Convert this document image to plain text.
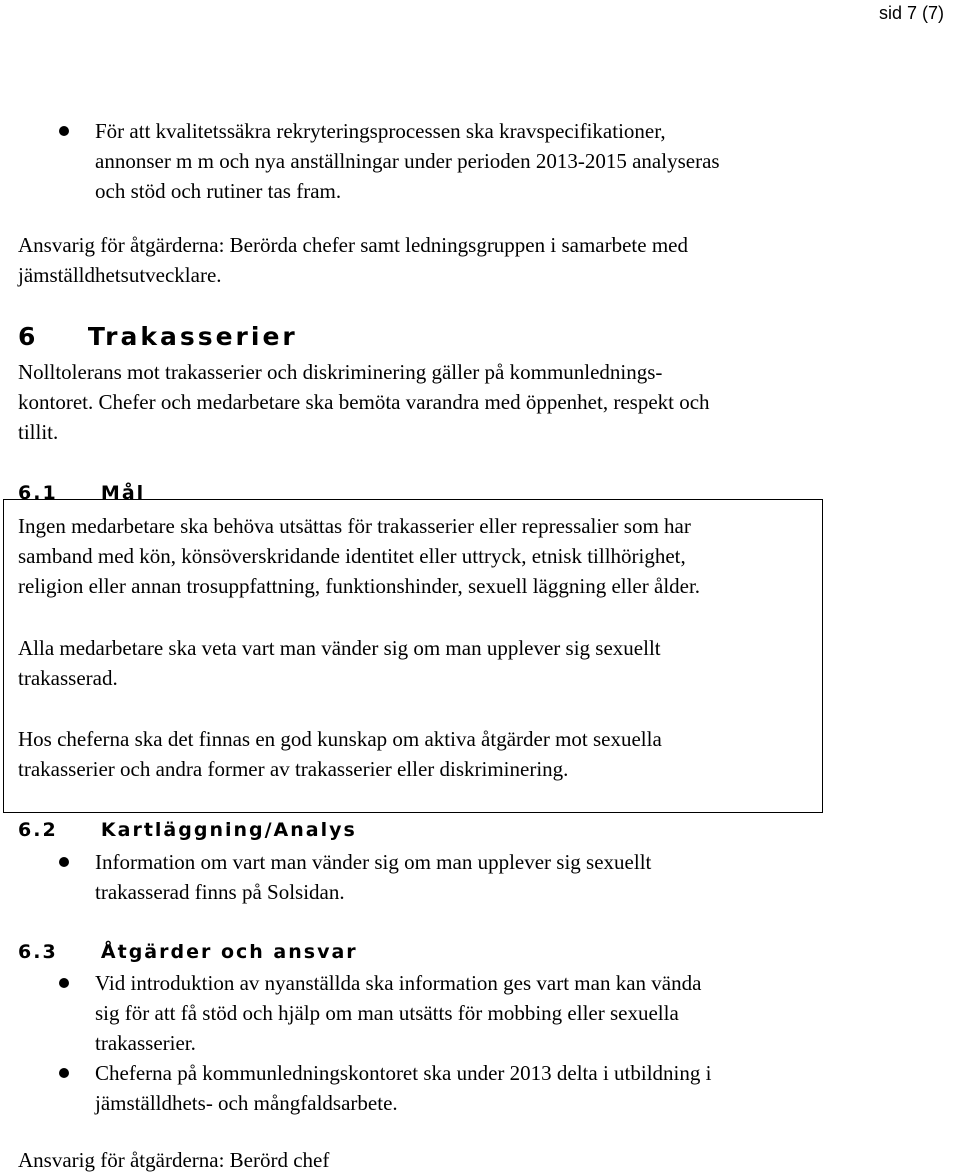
sid 7 (7)

För att kvalitetssäkra rekryteringsprocessen ska kravspecifikationer,

annonser m m och nya anställningar under perioden 2013-2015 analyseras

och stöd och rutiner tas fram.

Ansvarig för åtgärderna: Berörda chefer samt ledningsgruppen i samarbete med

jämställdhetsutvecklare.

6 Trakasserier

Nolltolerans mot trakasserier och diskriminering gäller på kommunlednings-

kontoret. Chefer och medarbetare ska bemöta varandra med öppenhet, respekt och

tillit.

6.1 Mål

Ingen medarbetare ska behöva utsättas för trakasserier eller repressalier som har

samband med kön, könsöverskridande identitet eller uttryck, etnisk tillhörighet,

religion eller annan trosuppfattning, funktionshinder, sexuell läggning eller ålder.

Alla medarbetare ska veta vart man vänder sig om man upplever sig sexuellt

trakasserad.

Hos cheferna ska det finnas en god kunskap om aktiva åtgärder mot sexuella

trakasserier och andra former av trakasserier eller diskriminering.

6.2 Kartläggning/Analys

Information om vart man vänder sig om man upplever sig sexuellt

trakasserad finns på Solsidan.

6.3 Åtgärder och ansvar

Vid introduktion av nyanställda ska information ges vart man kan vända

sig för att få stöd och hjälp om man utsätts för mobbing eller sexuella

trakasserier.

Cheferna på kommunledningskontoret ska under 2013 delta i utbildning i

jämställdhets- och mångfaldsarbete.

Ansvarig för åtgärderna: Berörd chef
